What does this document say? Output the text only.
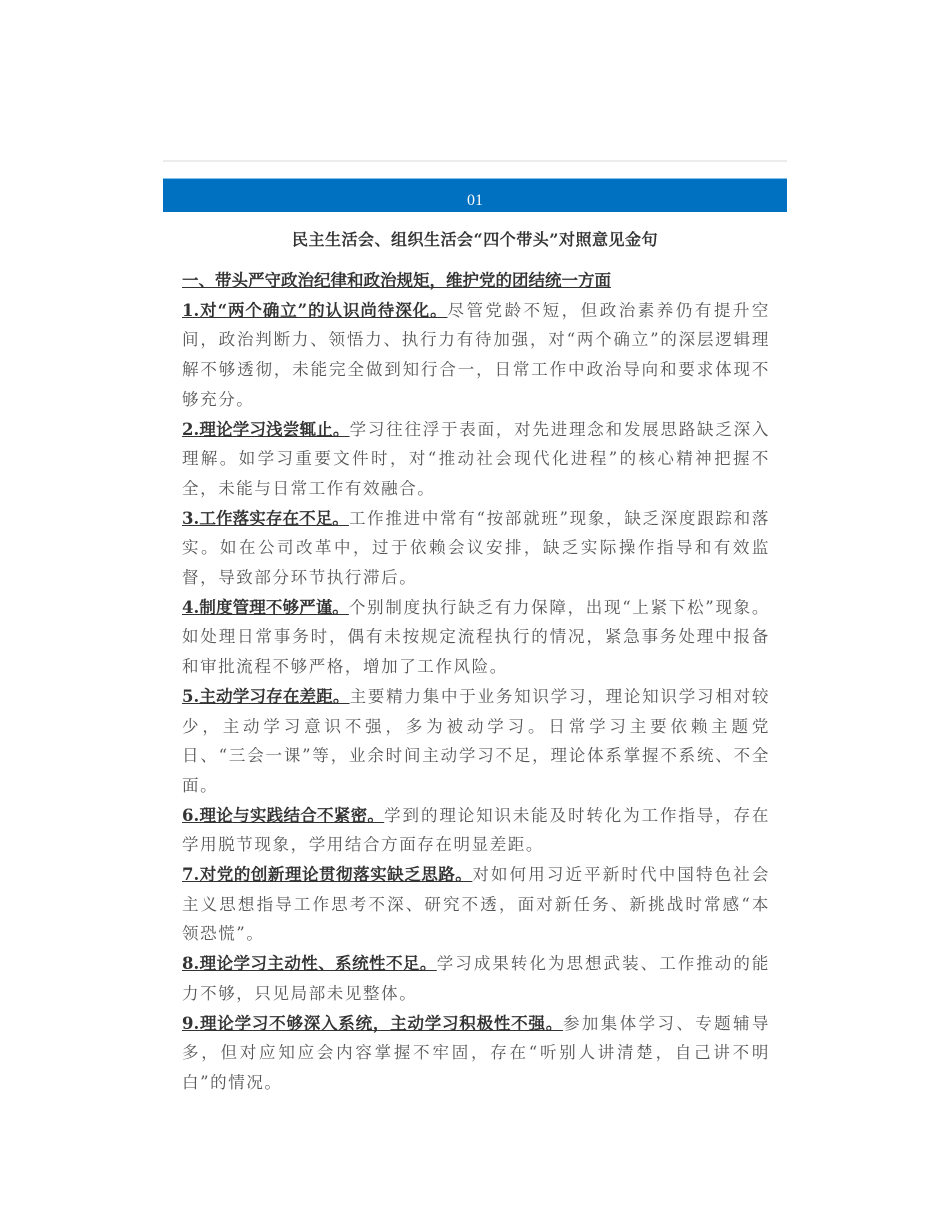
01
民主生活会、组织生活会“四个带头”对照意见金句
一、带头严守政治纪律和政治规矩，维护党的团结统一方面

1.对“两个确立”的认识尚待深化。尽管党龄不短，但政治素养仍有提升空间，政治判断力、领悟力、执行力有待加强，对“两个确立”的深层逻辑理解不够透彻，未能完全做到知行合一，日常工作中政治导向和要求体现不够充分。

2.理论学习浅尝辄止。学习往往浮于表面，对先进理念和发展思路缺乏深入理解。如学习重要文件时，对“推动社会现代化进程”的核心精神把握不全，未能与日常工作有效融合。

3.工作落实存在不足。工作推进中常有“按部就班”现象，缺乏深度跟踪和落实。如在公司改革中，过于依赖会议安排，缺乏实际操作指导和有效监督，导致部分环节执行滞后。

4.制度管理不够严谨。个别制度执行缺乏有力保障，出现“上紧下松”现象。如处理日常事务时，偶有未按规定流程执行的情况，紧急事务处理中报备和审批流程不够严格，增加了工作风险。

5.主动学习存在差距。主要精力集中于业务知识学习，理论知识学习相对较少，主动学习意识不强，多为被动学习。日常学习主要依赖主题党日、“三会一课”等，业余时间主动学习不足，理论体系掌握不系统、不全面。

6.理论与实践结合不紧密。学到的理论知识未能及时转化为工作指导，存在学用脱节现象，学用结合方面存在明显差距。

7.对党的创新理论贯彻落实缺乏思路。对如何用习近平新时代中国特色社会主义思想指导工作思考不深、研究不透，面对新任务、新挑战时常感“本领恐慌”。

8.理论学习主动性、系统性不足。学习成果转化为思想武装、工作推动的能力不够，只见局部未见整体。

9.理论学习不够深入系统，主动学习积极性不强。参加集体学习、专题辅导多，但对应知应会内容掌握不牢固，存在“听别人讲清楚，自己讲不明白”的情况。
